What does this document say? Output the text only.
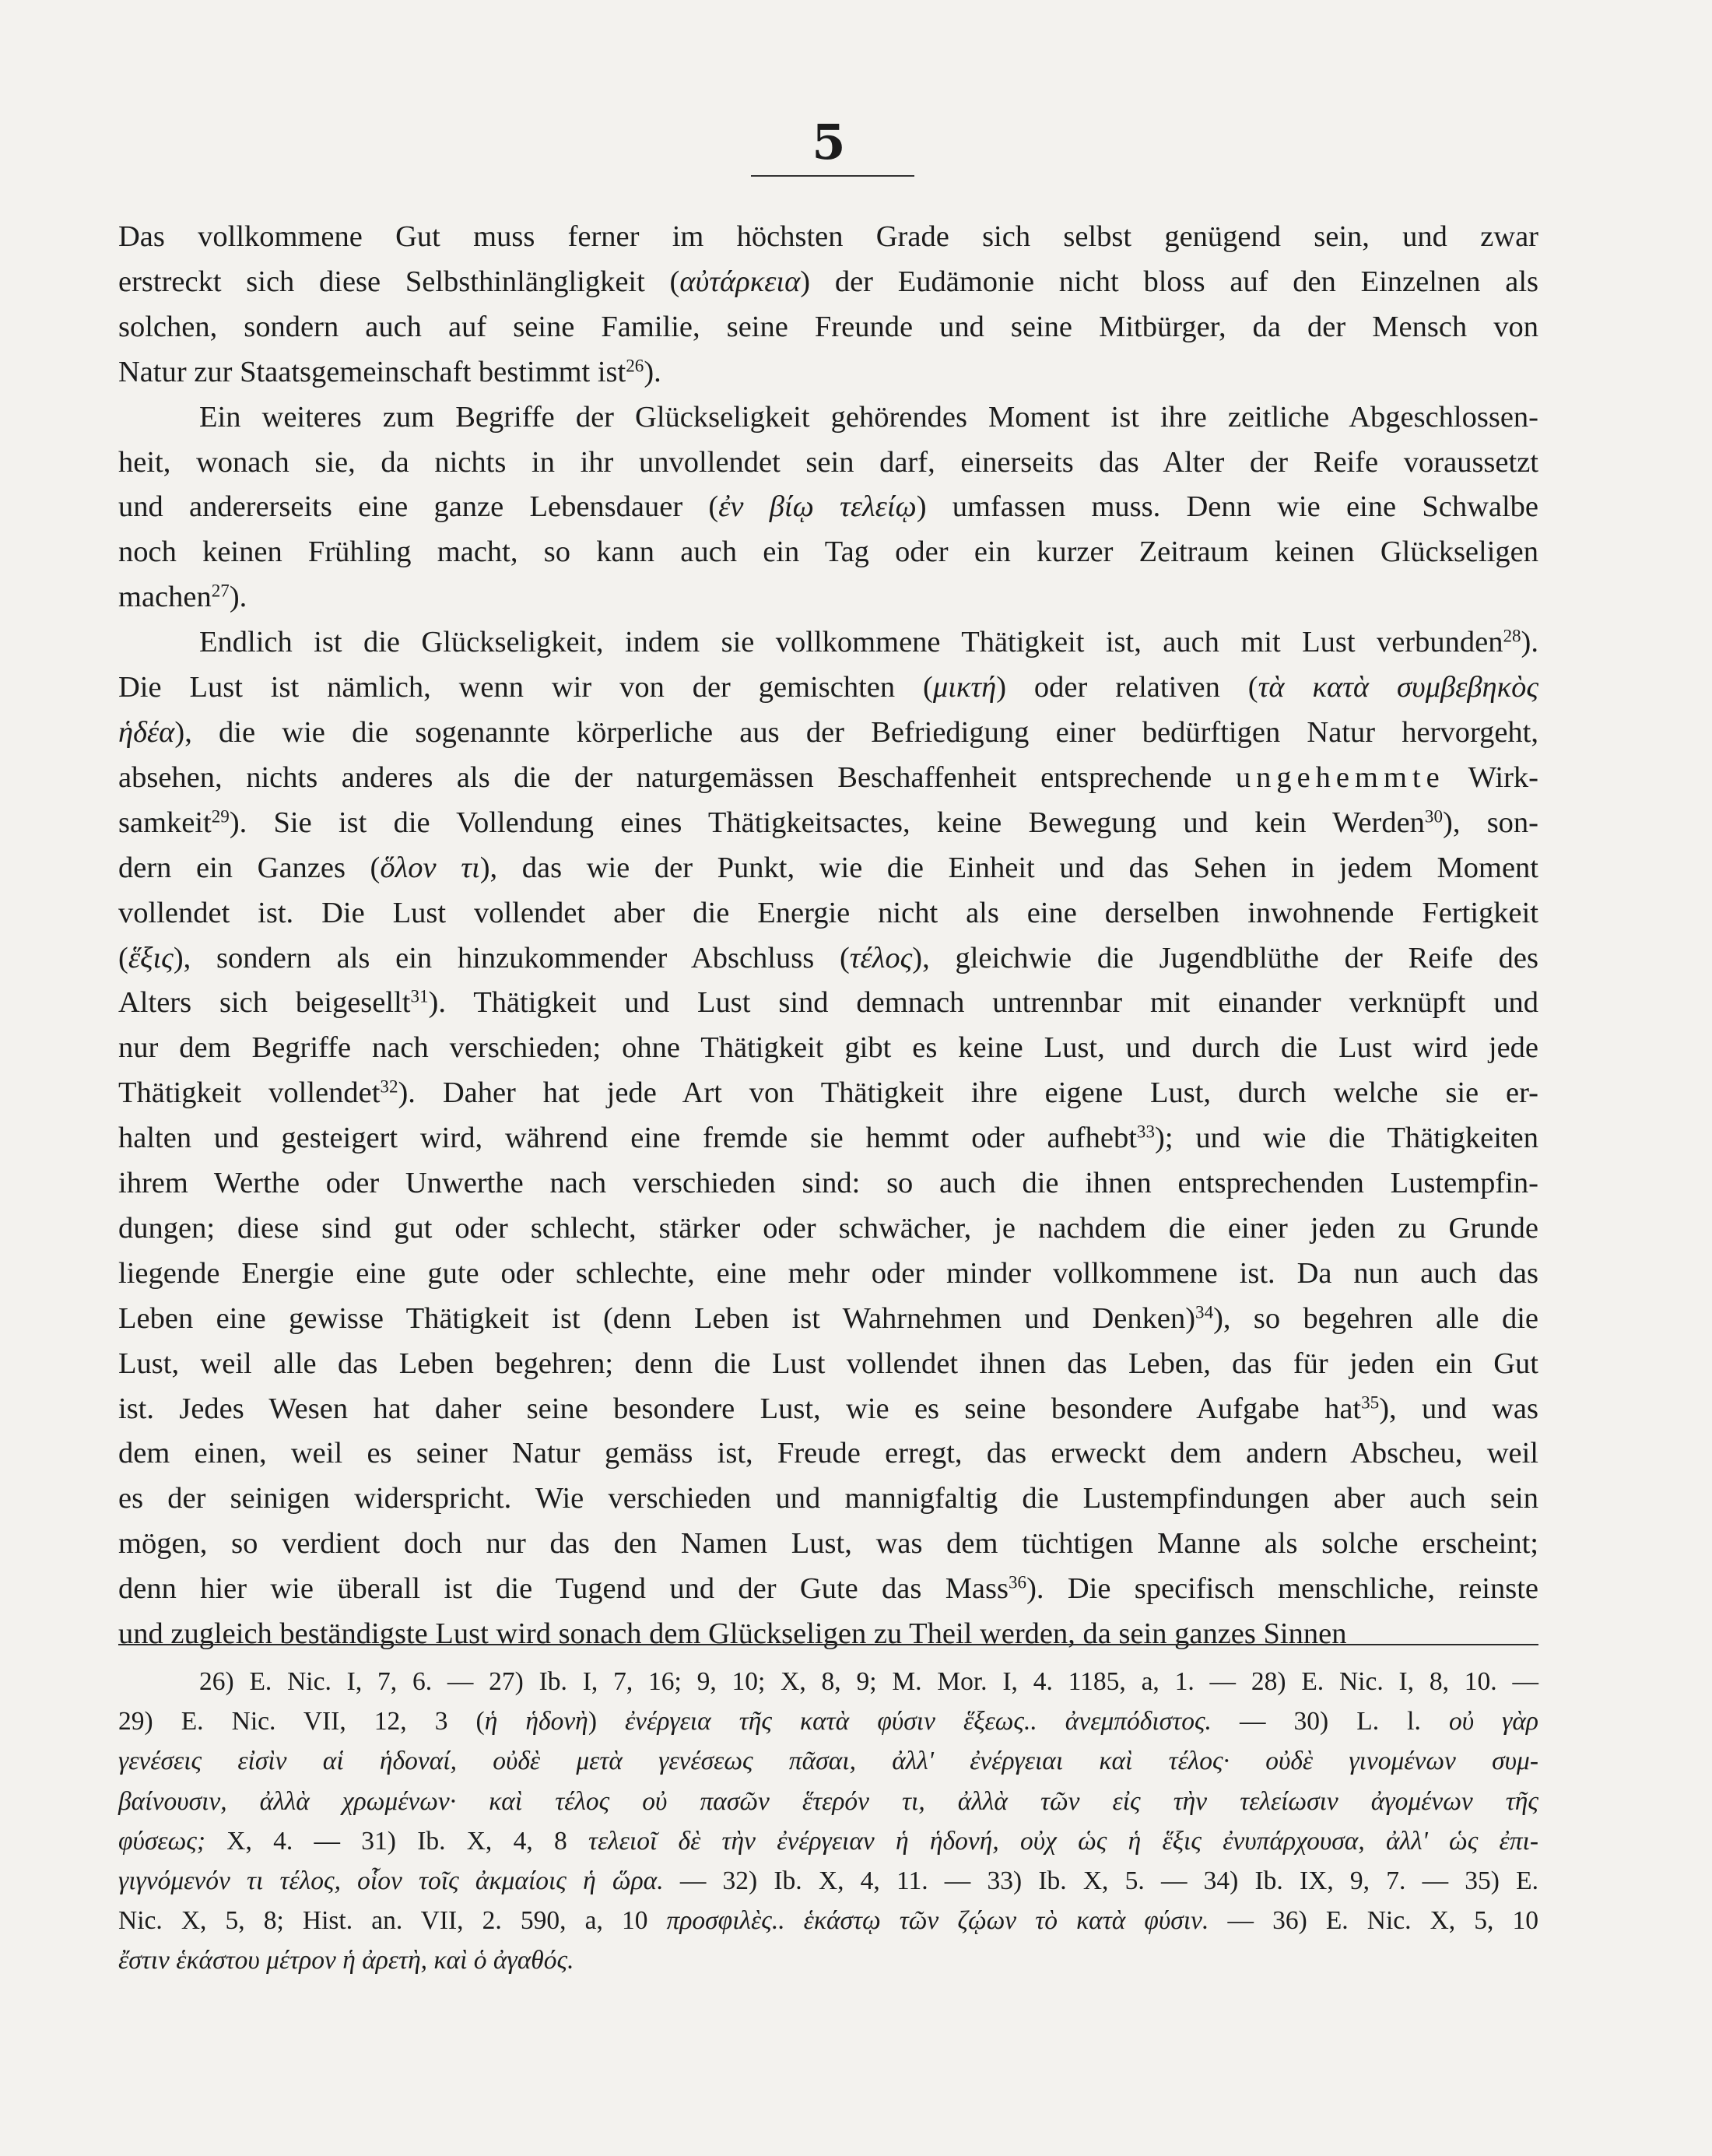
5
Das vollkommene Gut muss ferner im höchsten Grade sich selbst genügend sein, und zwar
erstreckt sich diese Selbsthinlängligkeit (αὐτάρκεια) der Eudämonie nicht bloss auf den Einzelnen als
solchen, sondern auch auf seine Familie, seine Freunde und seine Mitbürger, da der Mensch von
Natur zur Staatsgemeinschaft bestimmt ist$^{26}$).
Ein weiteres zum Begriffe der Glückseligkeit gehörendes Moment ist ihre zeitliche Abgeschlossen-
heit, wonach sie, da nichts in ihr unvollendet sein darf, einerseits das Alter der Reife voraussetzt
und andererseits eine ganze Lebensdauer (ἐν βίῳ τελείῳ) umfassen muss. Denn wie eine Schwalbe
noch keinen Frühling macht, so kann auch ein Tag oder ein kurzer Zeitraum keinen Glückseligen
machen$^{27}$).
Endlich ist die Glückseligkeit, indem sie vollkommene Thätigkeit ist, auch mit Lust verbunden$^{28}$).
Die Lust ist nämlich, wenn wir von der gemischten (μικτή) oder relativen (τὰ κατὰ συμβεβηκὸς
ἡδέα), die wie die sogenannte körperliche aus der Befriedigung einer bedürftigen Natur hervorgeht,
absehen, nichts anderes als die der naturgemässen Beschaffenheit entsprechende ungehemmte Wirk-
samkeit$^{29}$). Sie ist die Vollendung eines Thätigkeitsactes, keine Bewegung und kein Werden$^{30}$), son-
dern ein Ganzes (ὅλον τι), das wie der Punkt, wie die Einheit und das Sehen in jedem Moment
vollendet ist. Die Lust vollendet aber die Energie nicht als eine derselben inwohnende Fertigkeit
(ἕξις), sondern als ein hinzukommender Abschluss (τέλος), gleichwie die Jugendblüthe der Reife des
Alters sich beigesellt$^{31}$). Thätigkeit und Lust sind demnach untrennbar mit einander verknüpft und
nur dem Begriffe nach verschieden; ohne Thätigkeit gibt es keine Lust, und durch die Lust wird jede
Thätigkeit vollendet$^{32}$). Daher hat jede Art von Thätigkeit ihre eigene Lust, durch welche sie er-
halten und gesteigert wird, während eine fremde sie hemmt oder aufhebt$^{33}$); und wie die Thätigkeiten
ihrem Werthe oder Unwerthe nach verschieden sind: so auch die ihnen entsprechenden Lustempfin-
dungen; diese sind gut oder schlecht, stärker oder schwächer, je nachdem die einer jeden zu Grunde
liegende Energie eine gute oder schlechte, eine mehr oder minder vollkommene ist. Da nun auch das
Leben eine gewisse Thätigkeit ist (denn Leben ist Wahrnehmen und Denken)$^{34}$), so begehren alle die
Lust, weil alle das Leben begehren; denn die Lust vollendet ihnen das Leben, das für jeden ein Gut
ist. Jedes Wesen hat daher seine besondere Lust, wie es seine besondere Aufgabe hat$^{35}$), und was
dem einen, weil es seiner Natur gemäss ist, Freude erregt, das erweckt dem andern Abscheu, weil
es der seinigen widerspricht. Wie verschieden und mannigfaltig die Lustempfindungen aber auch sein
mögen, so verdient doch nur das den Namen Lust, was dem tüchtigen Manne als solche erscheint;
denn hier wie überall ist die Tugend und der Gute das Mass$^{36}$). Die specifisch menschliche, reinste
und zugleich beständigste Lust wird sonach dem Glückseligen zu Theil werden, da sein ganzes Sinnen
26) E. Nic. I, 7, 6. — 27) Ib. I, 7, 16; 9, 10; X, 8, 9; M. Mor. I, 4. 1185, a, 1. — 28) E. Nic. I, 8, 10. —
29) E. Nic. VII, 12, 3 (ἡ ἡδονὴ) ἐνέργεια τῆς κατὰ φύσιν ἕξεως.. ἀνεμπόδιστος. — 30) L. l. οὐ γὰρ
γενέσεις εἰσὶν αἱ ἡδοναί, οὐδὲ μετὰ γενέσεως πᾶσαι, ἀλλ' ἐνέργειαι καὶ τέλος· οὐδὲ γινομένων συμ-
βαίνουσιν, ἀλλὰ χρωμένων· καὶ τέλος οὐ πασῶν ἕτερόν τι, ἀλλὰ τῶν εἰς τὴν τελείωσιν ἀγομένων τῆς
φύσεως; X, 4. — 31) Ib. X, 4, 8 τελειοῖ δὲ τὴν ἐνέργειαν ἡ ἡδονή, οὐχ ὡς ἡ ἕξις ἐνυπάρχουσα, ἀλλ' ὡς ἐπι-
γιγνόμενόν τι τέλος, οἷον τοῖς ἀκμαίοις ἡ ὥρα. — 32) Ib. X, 4, 11. — 33) Ib. X, 5. — 34) Ib. IX, 9, 7. — 35) E.
Nic. X, 5, 8; Hist. an. VII, 2. 590, a, 10 προσφιλὲς.. ἑκάστῳ τῶν ζῴων τὸ κατὰ φύσιν. — 36) E. Nic. X, 5, 10
ἔστιν ἑκάστου μέτρον ἡ ἀρετὴ, καὶ ὁ ἀγαθός.
